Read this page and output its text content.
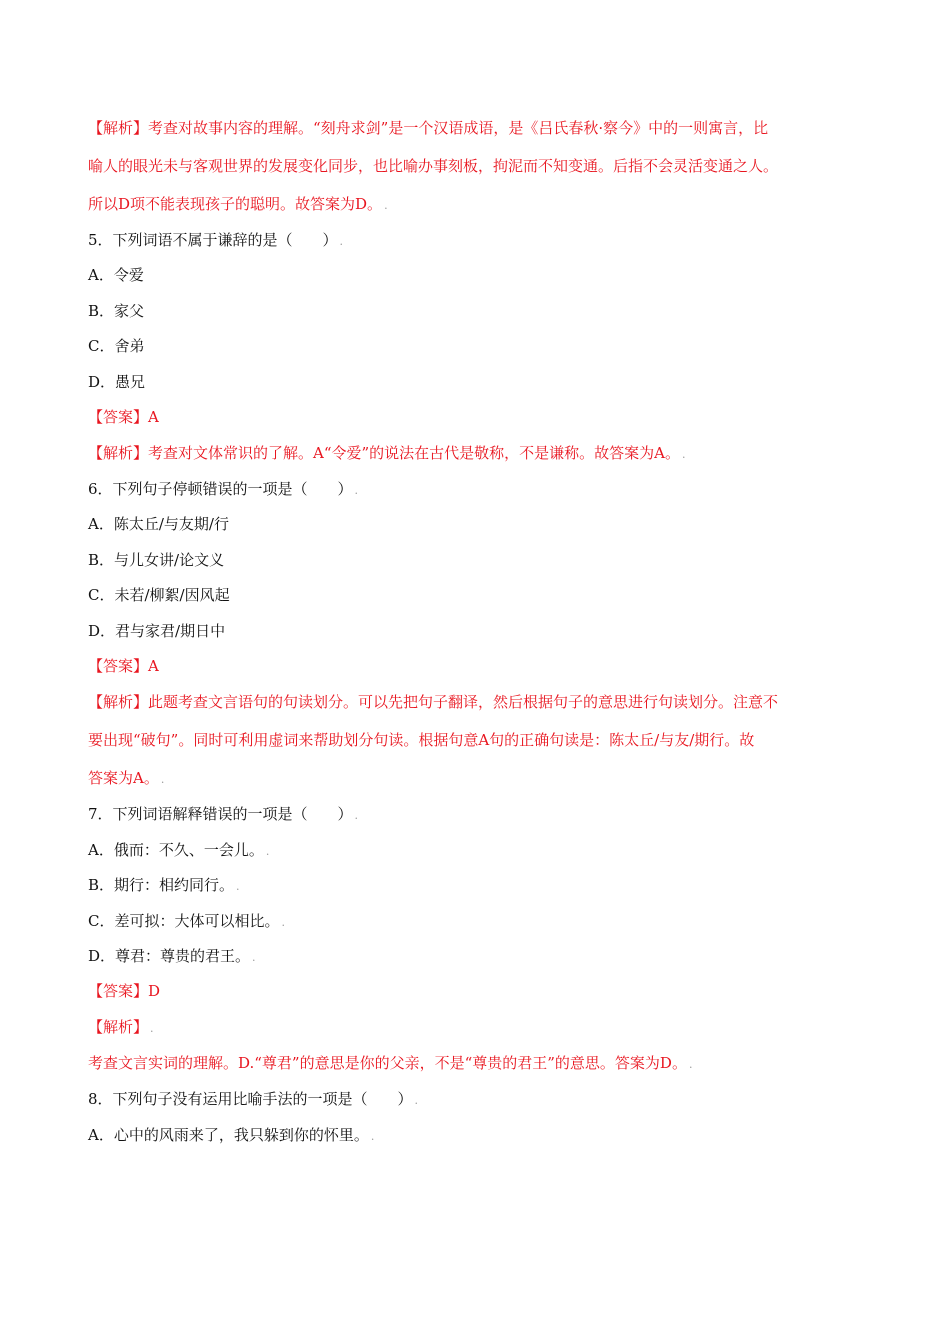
【解析】考查对故事内容的理解。“刻舟求剑”是一个汉语成语，是《吕氏春秋·察今》中的一则寓言，比
喻人的眼光未与客观世界的发展变化同步，也比喻办事刻板，拘泥而不知变通。后指不会灵活变通之人。
所以D项不能表现孩子的聪明。故答案为D。 .
5．下列词语不属于谦辞的是（　　） .
A．令爱
B．家父
C．舍弟
D．愚兄
【答案】A
【解析】考查对文体常识的了解。A“令爱”的说法在古代是敬称，不是谦称。故答案为A。 .
6．下列句子停顿错误的一项是（　　） .
A．陈太丘/与友期/行
B．与儿女讲/论文义
C．未若/柳絮/因风起
D．君与家君/期日中
【答案】A
【解析】此题考查文言语句的句读划分。可以先把句子翻译，然后根据句子的意思进行句读划分。注意不
要出现“破句”。同时可利用虚词来帮助划分句读。根据句意A句的正确句读是：陈太丘/与友/期行。故
答案为A。 .
7．下列词语解释错误的一项是（　　） .
A．俄而：不久、一会儿。 .
B．期行：相约同行。 .
C．差可拟：大体可以相比。 .
D．尊君：尊贵的君王。 .
【答案】D
【解析】 .
考查文言实词的理解。D.“尊君”的意思是你的父亲，不是“尊贵的君王”的意思。答案为D。 .
8．下列句子没有运用比喻手法的一项是（　　） .
A．心中的风雨来了，我只躲到你的怀里。 .
